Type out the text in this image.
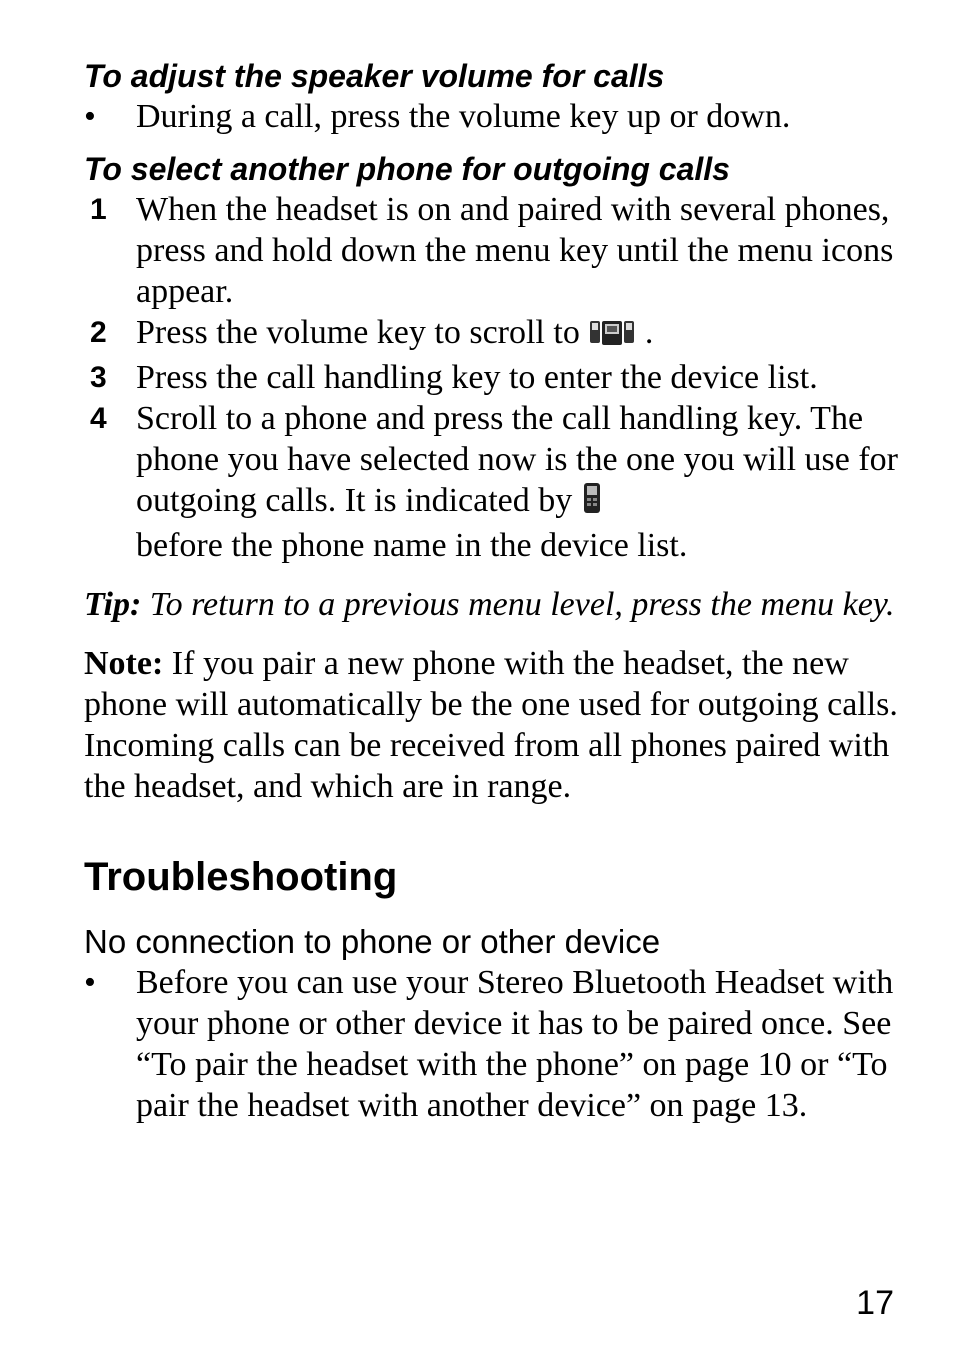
To adjust the speaker volume for calls

•	During a call, press the volume key up or down.

To select another phone for outgoing calls

1 When the headset is on and paired with several phones, press and hold down the menu key until the menu icons appear.
2 Press the volume key to scroll to .
3 Press the call handling key to enter the device list.
4 Scroll to a phone and press the call handling key. The phone you have selected now is the one you will use for outgoing calls. It is indicated by
before the phone name in the device list.

Tip: To return to a previous menu level, press the menu key.

Note: If you pair a new phone with the headset, the new phone will automatically be the one used for outgoing calls. Incoming calls can be received from all phones paired with the headset, and which are in range.

Troubleshooting

No connection to phone or other device

•	Before you can use your Stereo Bluetooth Headset with your phone or other device it has to be paired once. See “To pair the headset with the phone” on page 10 or “To pair the headset with another device” on page 13.
17
